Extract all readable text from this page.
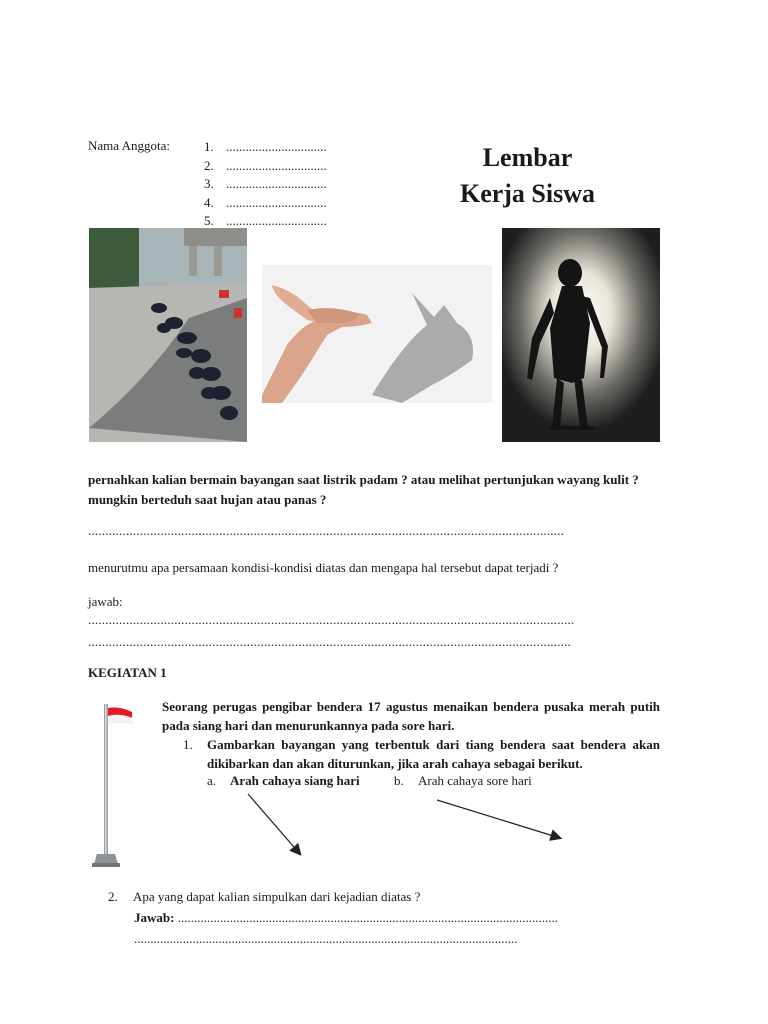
Nama Anggota:	1. ...............................
2. ...............................
3. ...............................
4. ...............................
5. ...............................
Lembar
Kerja Siswa
pernahkan kalian bermain bayangan saat listrik padam ? atau melihat pertunjukan wayang kulit ? mungkin berteduh saat hujan atau panas ?
..........................................................................................................................................
menurutmu apa persamaan kondisi-kondisi diatas dan mengapa hal tersebut dapat terjadi ?
jawab:
.............................................................................................................................................
............................................................................................................................................
KEGIATAN 1
Seorang perugas pengibar bendera 17 agustus menaikan bendera pusaka merah putih pada siang hari dan menurunkannya pada sore hari.
1. Gambarkan bayangan yang terbentuk dari tiang bendera saat bendera akan dikibarkan dan akan diturunkan, jika arah cahaya sebagai berikut.
a. Arah cahaya siang hari	b. Arah cahaya sore hari
2. Apa yang dapat kalian simpulkan dari kejadian diatas ?
Jawab: .....................................................................................................................
......................................................................................................................
